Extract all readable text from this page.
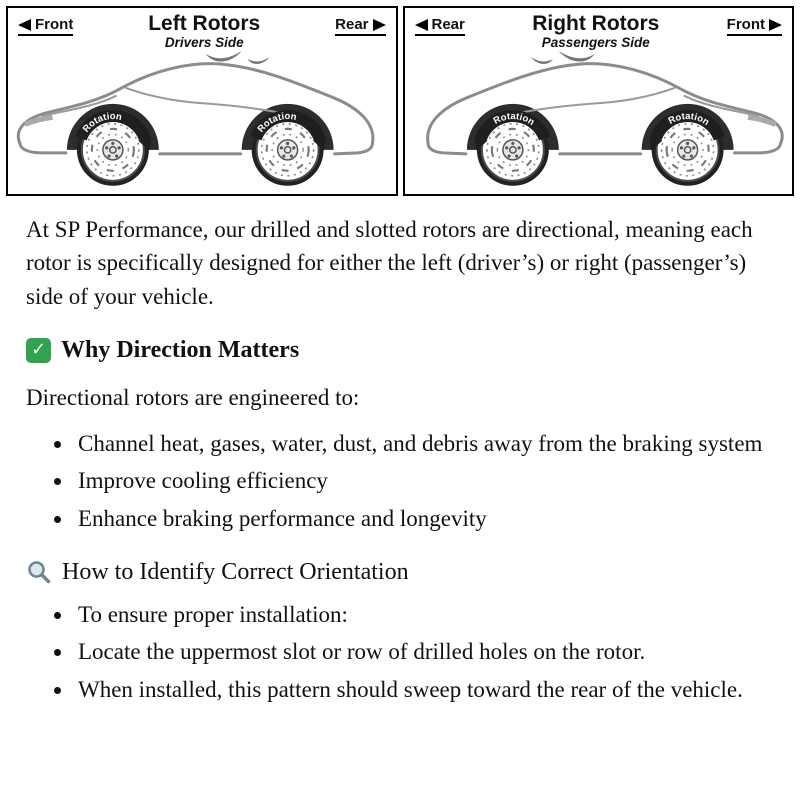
Front	Left Rotors
Drivers Side
Rear
Rotation
Rotation
Rear	Right Rotors
Passengers Side
Front
Rotation	Rotation

At SP Performance, our drilled and slotted rotors are directional, meaning each rotor is specifically designed for either the left (driver’s) or right (passenger’s) side of your vehicle.

✓ Why Direction Matters

Directional rotors are engineered to:

• Channel heat, gases, water, dust, and debris away from the braking system
• Improve cooling efficiency
• Enhance braking performance and longevity
How to Identify Correct Orientation
• To ensure proper installation:
• Locate the uppermost slot or row of drilled holes on the rotor.
• When installed, this pattern should sweep toward the rear of the vehicle.
